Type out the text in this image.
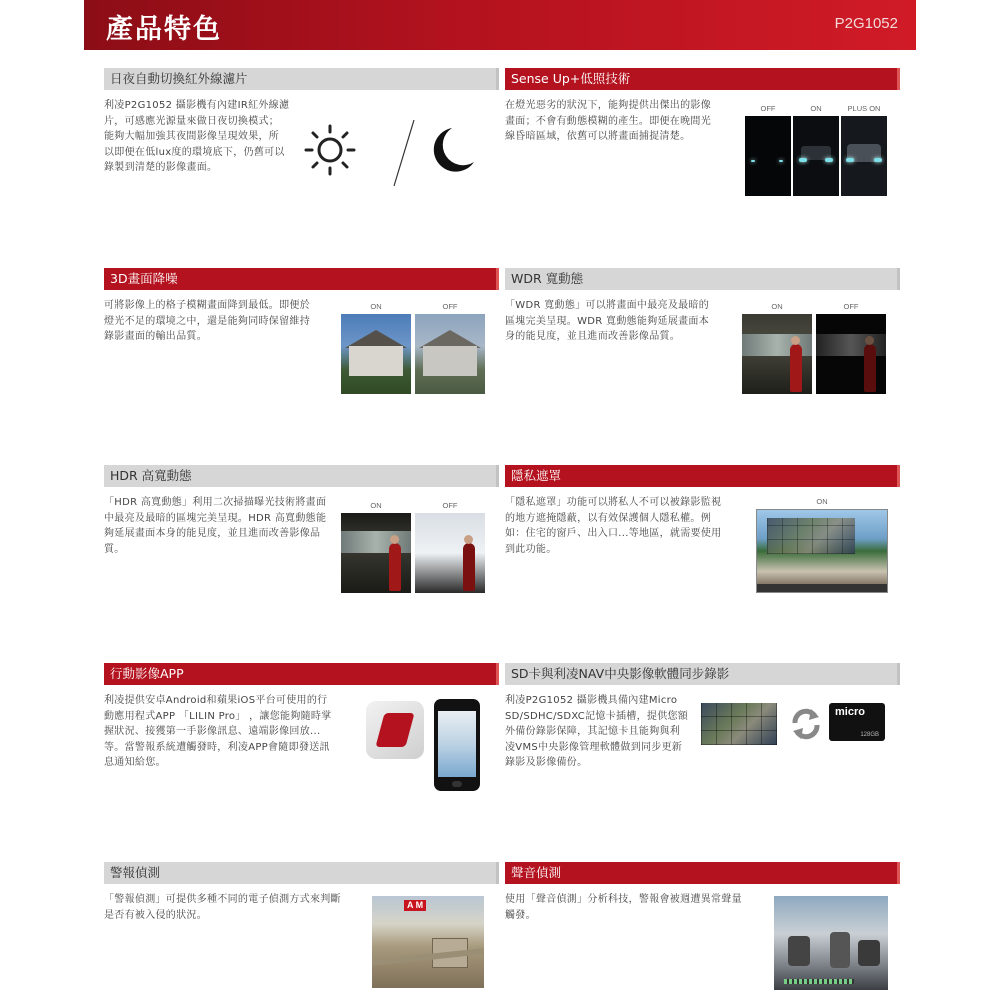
產品特色	P2G1052
日夜自動切換紅外線濾片
利凌P2G1052 攝影機有內建IR紅外線濾
片，可感應光源量來做日夜切換模式；
能夠大幅加強其夜間影像呈現效果，所
以即便在低lux度的環境底下，仍舊可以
錄製到清楚的影像畫面。
Sense Up+低照技術
在燈光惡劣的狀況下，能夠提供出傑出的影像
畫面；不會有動態模糊的產生。即便在晚間光
線昏暗區域，依舊可以將畫面捕捉清楚。
OFF	ON	PLUS ON
3D畫面降噪
可將影像上的格子模糊畫面降到最低。即便於
燈光不足的環境之中，還是能夠同時保留維持
錄影畫面的輸出品質。
ON	OFF
WDR 寬動態
「WDR 寬動態」可以將畫面中最亮及最暗的
區塊完美呈現。WDR 寬動態能夠延展畫面本
身的能見度，並且進而改善影像品質。
ON	OFF
HDR 高寬動態
「HDR 高寬動態」利用二次掃描曝光技術將畫面
中最亮及最暗的區塊完美呈現。HDR 高寬動態能
夠延展畫面本身的能見度，並且進而改善影像品
質。
ON	OFF
隱私遮罩
「隱私遮罩」功能可以將私人不可以被錄影監視
的地方遮掩隱蔽，以有效保護個人隱私權。例
如：住宅的窗戶、出入口...等地區，就需要使用
到此功能。
ON
行動影像APP
利凌提供安卓Android和蘋果iOS平台可使用的行
動應用程式APP 「LILIN Pro」 ，讓您能夠隨時掌
握狀況、接獲第一手影像訊息、遠端影像回放...
等。當警報系統遭觸發時，利凌APP會隨即發送訊
息通知給您。
SD卡與利凌NAV中央影像軟體同步錄影
利凌P2G1052 攝影機具備內建Micro
SD/SDHC/SDXC記憶卡插槽，提供您額
外備份錄影保障，其記憶卡且能夠與利
凌VMS中央影像管理軟體做到同步更新
錄影及影像備份。
micro
128GB
警報偵測
「警報偵測」可提供多種不同的電子偵測方式來判斷
是否有被入侵的狀況。
A M
聲音偵測
使用「聲音偵測」分析科技，警報會被週遭異常聲量
觸發。
